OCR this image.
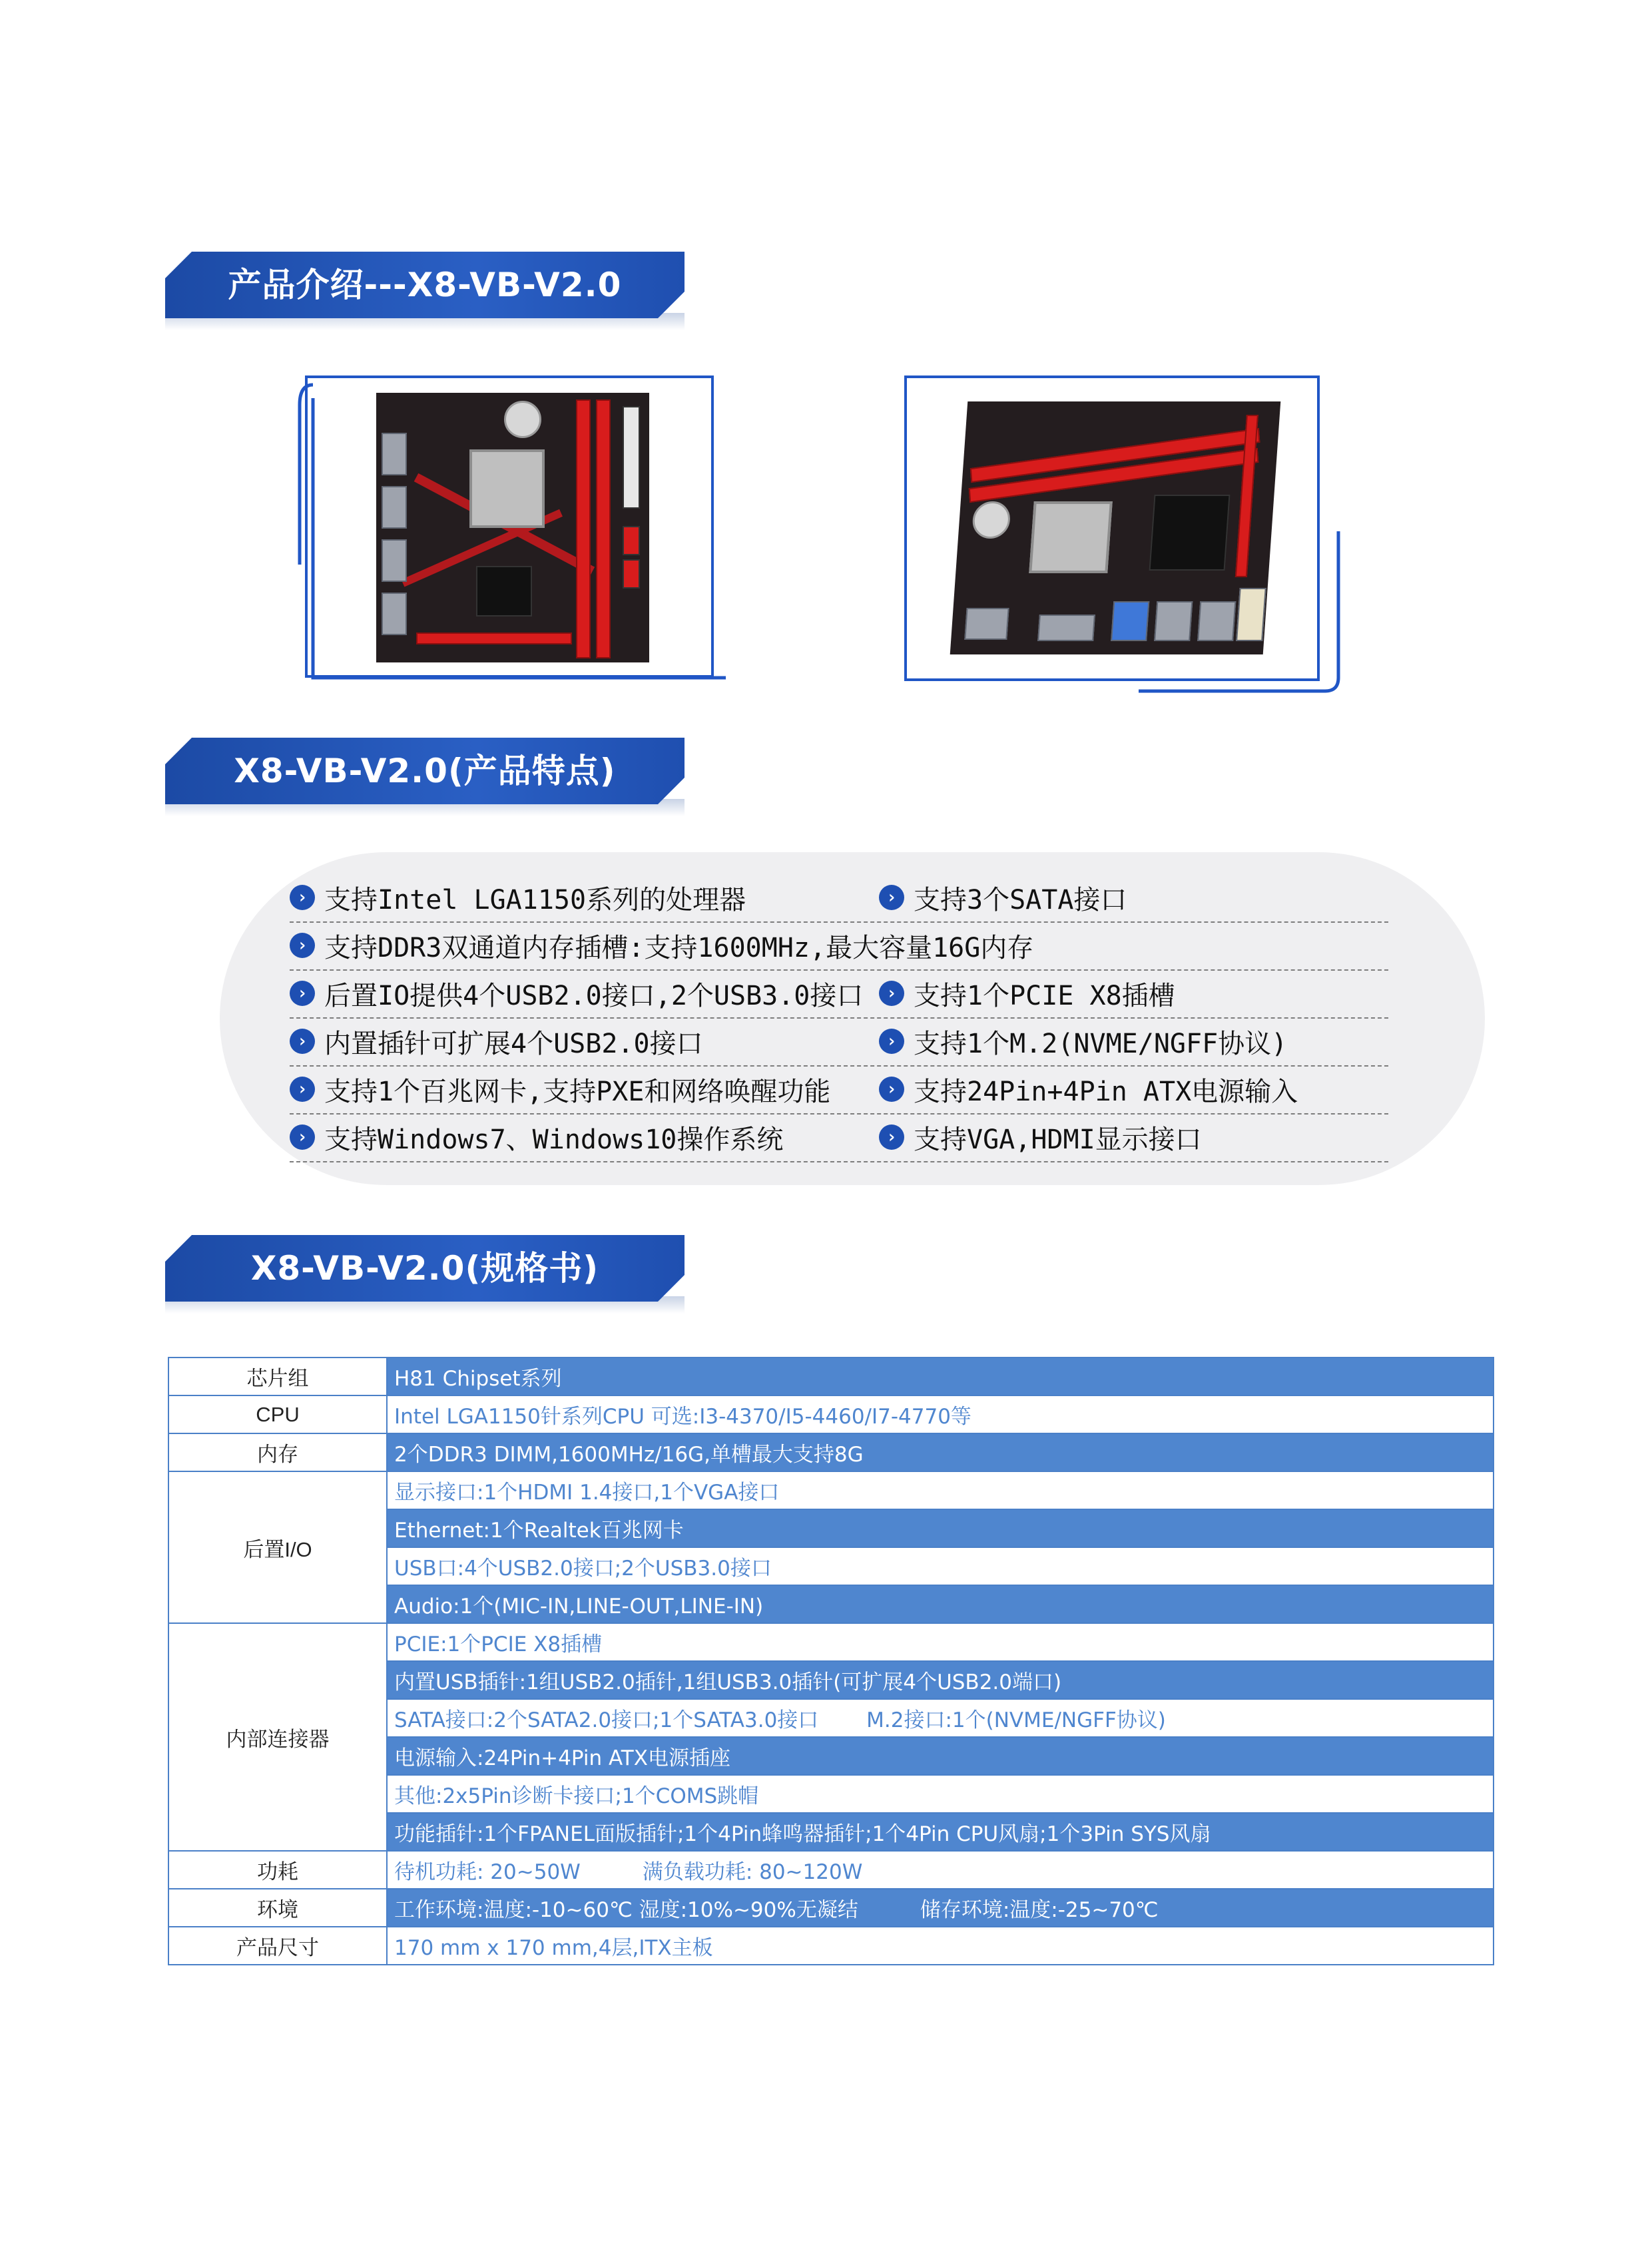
产品介绍---X8-VB-V2.0
X8-VB-V2.0(产品特点)
› 支持Intel LGA1150系列的处理器	› 支持3个SATA接口
› 支持DDR3双通道内存插槽:支持1600MHz,最大容量16G内存
› 后置IO提供4个USB2.0接口,2个USB3.0接口	› 支持1个PCIE X8插槽
› 内置插针可扩展4个USB2.0接口	› 支持1个M.2(NVME/NGFF协议)
› 支持1个百兆网卡,支持PXE和网络唤醒功能	› 支持24Pin+4Pin ATX电源输入
› 支持Windows7、Windows10操作系统	› 支持VGA,HDMI显示接口
X8-VB-V2.0(规格书)
芯片组	H81 Chipset系列
CPU	Intel LGA1150针系列CPU 可选:I3-4370/I5-4460/I7-4770等
内存	2个DDR3 DIMM,1600MHz/16G,单槽最大支持8G
后置I/O	显示接口:1个HDMI 1.4接口,1个VGA接口
	Ethernet:1个Realtek百兆网卡
	USB口:4个USB2.0接口;2个USB3.0接口
	Audio:1个(MIC-IN,LINE-OUT,LINE-IN)
内部连接器	PCIE:1个PCIE X8插槽
	内置USB插针:1组USB2.0插针,1组USB3.0插针(可扩展4个USB2.0端口)
	SATA接口:2个SATA2.0接口;1个SATA3.0接口　　 M.2接口:1个(NVME/NGFF协议)
	电源输入:24Pin+4Pin ATX电源插座
	其他:2x5Pin诊断卡接口;1个COMS跳帽
	功能插针:1个FPANEL面版插针;1个4Pin蜂鸣器插针;1个4Pin CPU风扇;1个3Pin SYS风扇
功耗	待机功耗: 20~50W　　　满负载功耗: 80~120W
环境	工作环境:温度:-10~60℃ 湿度:10%~90%无凝结　　　储存环境:温度:-25~70℃
产品尺寸	170 mm x 170 mm,4层,ITX主板
